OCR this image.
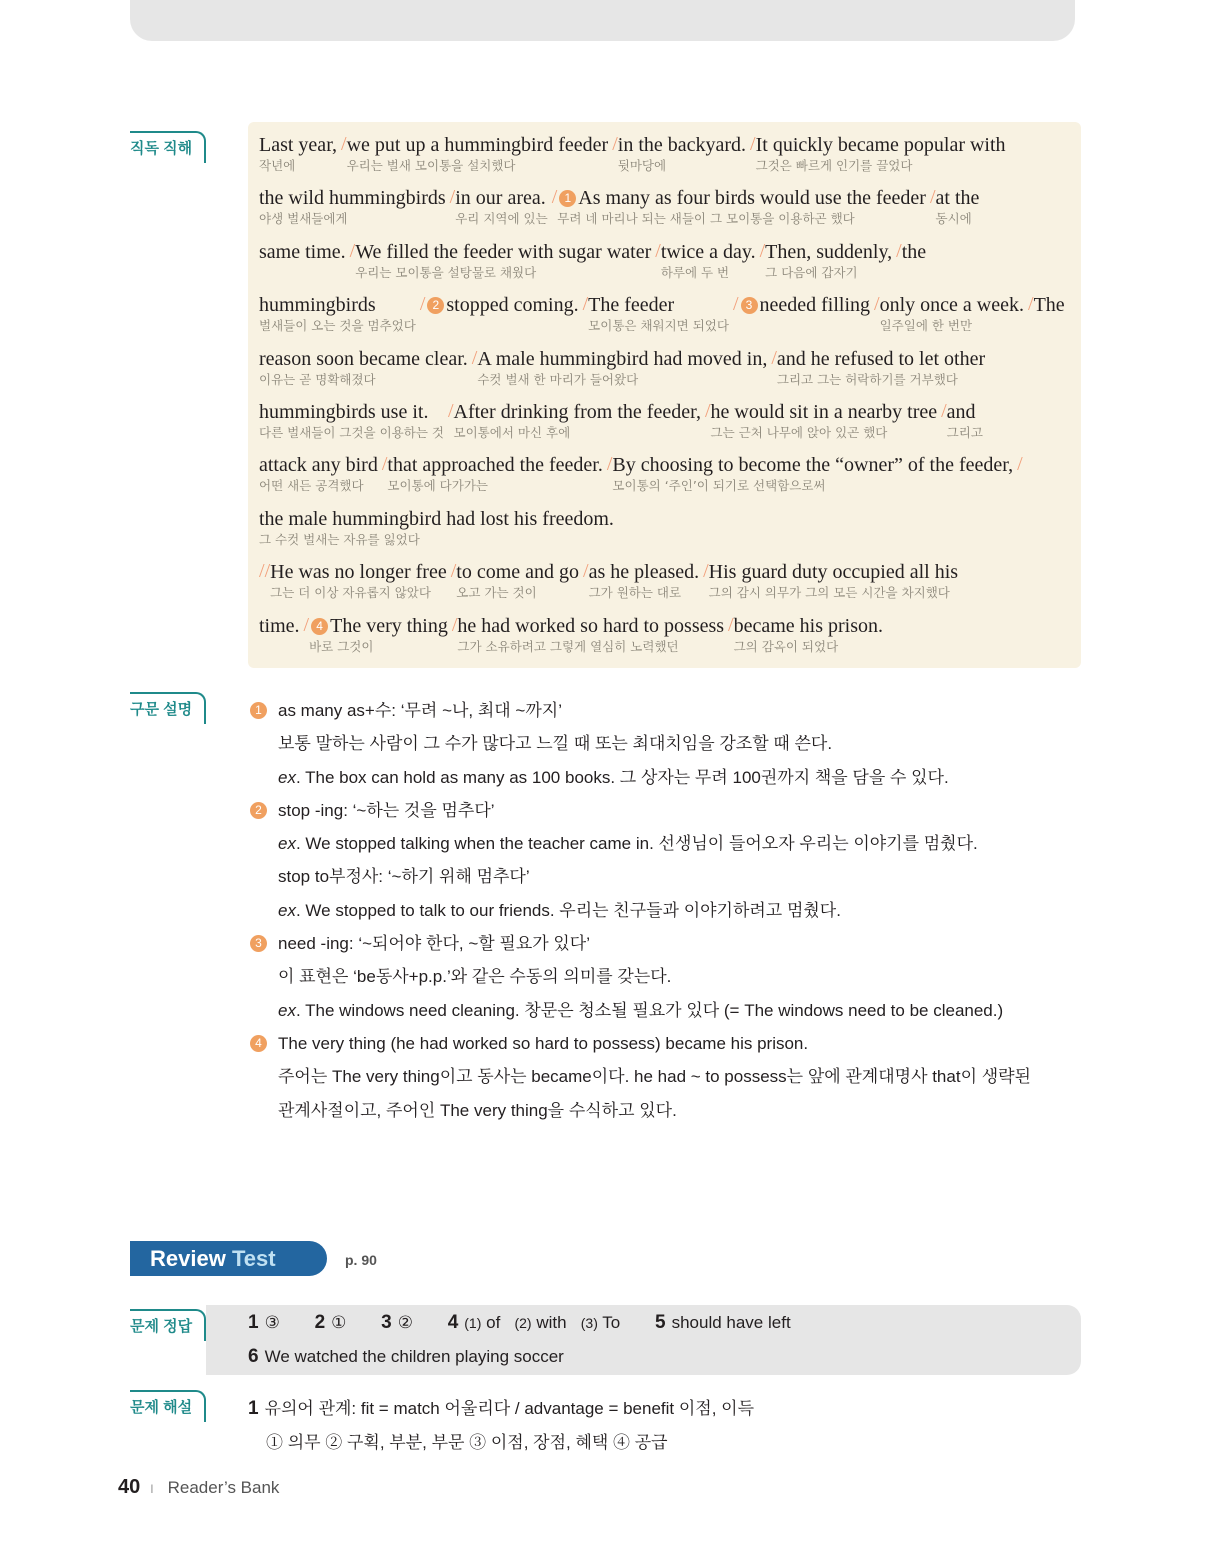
직독 직해	Last year,
작년에
/ we put up a hummingbird feeder
우리는 벌새 모이통을 설치했다
/ in the backyard.
뒷마당에
/ It quickly became popular with
그것은 빠르게 인기를 끌었다
the wild hummingbirds
야생 벌새들에게
/ in our area.
우리 지역에 있는
/ 1 As many as four birds would use the feeder
무려 네 마리나 되는 새들이 그 모이통을 이용하곤 했다
/ at the
동시에
same time.
/ We filled the feeder with sugar water
우리는 모이통을 설탕물로 채웠다
/ twice a day.
하루에 두 번
/ Then, suddenly,
그 다음에 갑자기
/ the

hummingbirds
벌새들이 오는 것을 멈추었다
/ 2 stopped coming.
/ The feeder
모이통은 채워지면 되었다
/ 3 needed filling
/ only once a week.
일주일에 한 번만
/ The

reason soon became clear.
이유는 곧 명확해졌다
/ A male hummingbird had moved in,
수컷 벌새 한 마리가 들어왔다
/ and he refused to let other
그리고 그는 허락하기를 거부했다
hummingbirds use it.
다른 벌새들이 그것을 이용하는 것
/ After drinking from the feeder,
모이통에서 마신 후에
/ he would sit in a nearby tree
그는 근처 나무에 앉아 있곤 했다
/ and
그리고
attack any bird
어떤 새든 공격했다
/ that approached the feeder.
모이통에 다가가는
/ By choosing to become the “owner” of the feeder,
모이통의 ‘주인’이 되기로 선택함으로써
/
the male hummingbird had lost his freedom.
그 수컷 벌새는 자유를 잃었다
// He was no longer free
그는 더 이상 자유롭지 않았다
/ to come and go
오고 가는 것이
/ as he pleased.
그가 원하는 대로
/ His guard duty occupied all his
그의 감시 의무가 그의 모든 시간을 차지했다
time.
/ 4 The very thing
바로 그것이
/ he had worked so hard to possess
그가 소유하려고 그렇게 열심히 노력했던
/ became his prison.
그의 감옥이 되었다
구문 설명	1 as many as+수: ‘무려 ~나, 최대 ~까지’
보통 말하는 사람이 그 수가 많다고 느낄 때 또는 최대치임을 강조할 때 쓴다.
ex. The box can hold as many as 100 books. 그 상자는 무려 100권까지 책을 담을 수 있다.
2 stop -ing: ‘~하는 것을 멈추다’
ex. We stopped talking when the teacher came in. 선생님이 들어오자 우리는 이야기를 멈췄다.
stop to부정사: ‘~하기 위해 멈추다’
ex. We stopped to talk to our friends. 우리는 친구들과 이야기하려고 멈췄다.
3 need -ing: ‘~되어야 한다, ~할 필요가 있다’
이 표현은 ‘be동사+p.p.’와 같은 수동의 의미를 갖는다.
ex. The windows need cleaning. 창문은 청소될 필요가 있다 (= The windows need to be cleaned.)
4 The very thing (he had worked so hard to possess) became his prison.
주어는 The very thing이고 동사는 became이다. he had ~ to possess는 앞에 관계대명사 that이 생략된
관계사절이고, 주어인 The very thing을 수식하고 있다.
Review Test	p. 90
문제 정답	1 ③ 2 ① 3 ② 4 (1) of (2) with (3) To 5 should have left
6 We watched the children playing soccer
문제 해설	1 유의어 관계: fit = match 어울리다 / advantage = benefit 이점, 이득
① 의무 ② 구획, 부분, 부문 ③ 이점, 장점, 혜택 ④ 공급
40 I Reader’s Bank
